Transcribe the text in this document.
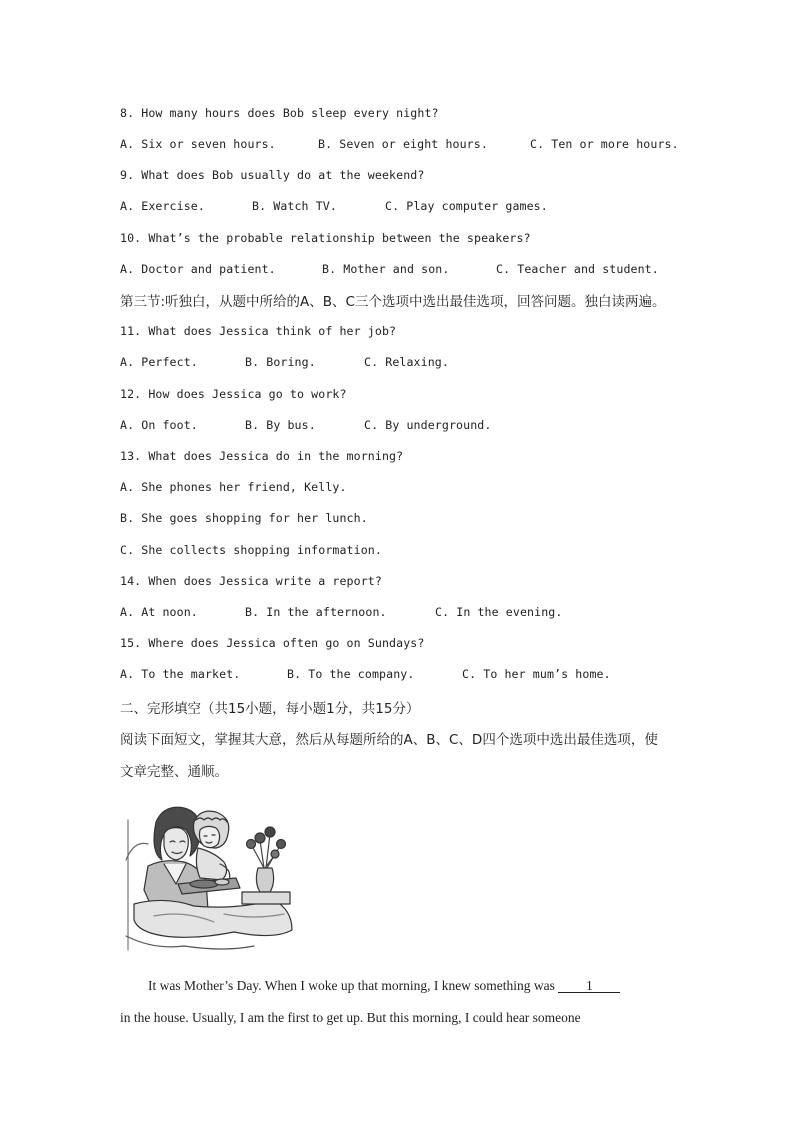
8. How many hours does Bob sleep every night?
A. Six or seven hours.	B. Seven or eight hours.	C. Ten or more hours.
9. What does Bob usually do at the weekend?
A. Exercise.	B. Watch TV.	C. Play computer games.
10. What’s the probable relationship between the speakers?
A. Doctor and patient.	B. Mother and son.	C. Teacher and student.
第三节:听独白，从题中所给的A、B、C三个选项中选出最佳选项，回答问题。独白读两遍。
11. What does Jessica think of her job?
A. Perfect.	B. Boring.	C. Relaxing.
12. How does Jessica go to work?
A. On foot.	B. By bus.	C. By underground.
13. What does Jessica do in the morning?
A. She phones her friend, Kelly.
B. She goes shopping for her lunch.
C. She collects shopping information.
14. When does Jessica write a report?
A. At noon.	B. In the afternoon.	C. In the evening.
15. Where does Jessica often go on Sundays?
A. To the market.	B. To the company.	C. To her mum’s home.
二、完形填空（共15小题，每小题1分，共15分）
阅读下面短文，掌握其大意，然后从每题所给的A、B、C、D四个选项中选出最佳选项，使
文章完整、通顺。
It was Mother’s Day. When I woke up that morning, I knew something was 1
in the house. Usually, I am the first to get up. But this morning, I could hear someone
